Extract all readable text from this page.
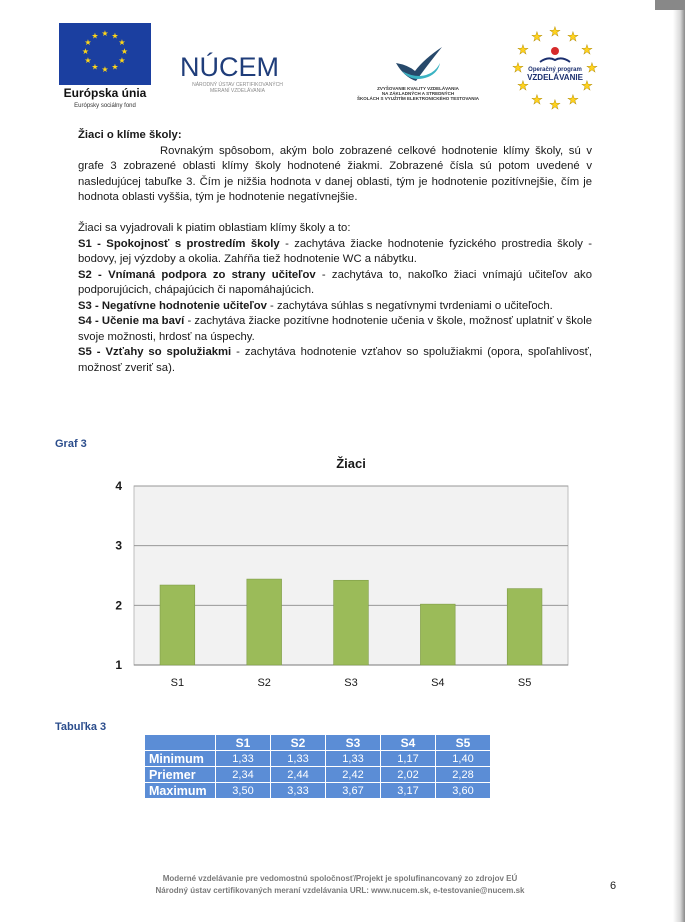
★ ★
★
★
★
★
★
★
★
★
★
★
Európska únia
Európsky sociálny fond
NÚCEM
NÁRODNÝ ÚSTAV CERTIFIKOVANÝCH
MERANÍ VZDELÁVANIA	ZVYŠOVANIE KVALITY VZDELÁVANIA
NA ZÁKLADNÝCH A STREDNÝCH
ŠKOLÁCH S VYUŽITÍM ELEKTRONICKÉHO TESTOVANIA
★ ★
★
★
★
★
★
★
★
★
★
★
Operačný program
VZDELÁVANIE

Žiaci o klíme školy:

Rovnakým spôsobom, akým bolo zobrazené celkové hodnotenie klímy školy, sú v grafe 3 zobrazené oblasti klímy školy hodnotené žiakmi. Zobrazené čísla sú potom uvedené v nasledujúcej tabuľke 3. Čím je nižšia hodnota v danej oblasti, tým je hodnotenie pozitívnejšie, čím je hodnota oblasti vyššia, tým je hodnotenie negatívnejšie.

Žiaci sa vyjadrovali k piatim oblastiam klímy školy a to:

S1 - Spokojnosť s prostredím školy - zachytáva žiacke hodnotenie fyzického prostredia školy - bodovy, jej výzdoby a okolia. Zahŕňa tiež hodnotenie WC a nábytku.

S2 - Vnímaná podpora zo strany učiteľov - zachytáva to, nakoľko žiaci vnímajú učiteľov ako podporujúcich, chápajúcich či napomáhajúcich.

S3 - Negatívne hodnotenie učiteľov - zachytáva súhlas s negatívnymi tvrdeniami o učiteľoch.

S4 - Učenie ma baví - zachytáva žiacke pozitívne hodnotenie učenia v škole, možnosť uplatniť v škole svoje možnosti, hrdosť na úspechy.

S5 - Vzťahy so spolužiakmi - zachytáva hodnotenie vzťahov so spolužiakmi (opora, spoľahlivosť, možnosť zveriť sa).

Graf 3
Žiaci
1
2
3
4
S1	S2	S3	S4	S5
Tabuľka 3
	S1	S2	S3	S4	S5
Minimum	1,33	1,33	1,33	1,17	1,40
Priemer	2,34	2,44	2,42	2,02	2,28
Maximum	3,50	3,33	3,67	3,17	3,60
Moderné vzdelávanie pre vedomostnú spoločnosť/Projekt je spolufinancovaný zo zdrojov EÚ
Národný ústav certifikovaných meraní vzdelávania URL: www.nucem.sk, e-testovanie@nucem.sk	6
